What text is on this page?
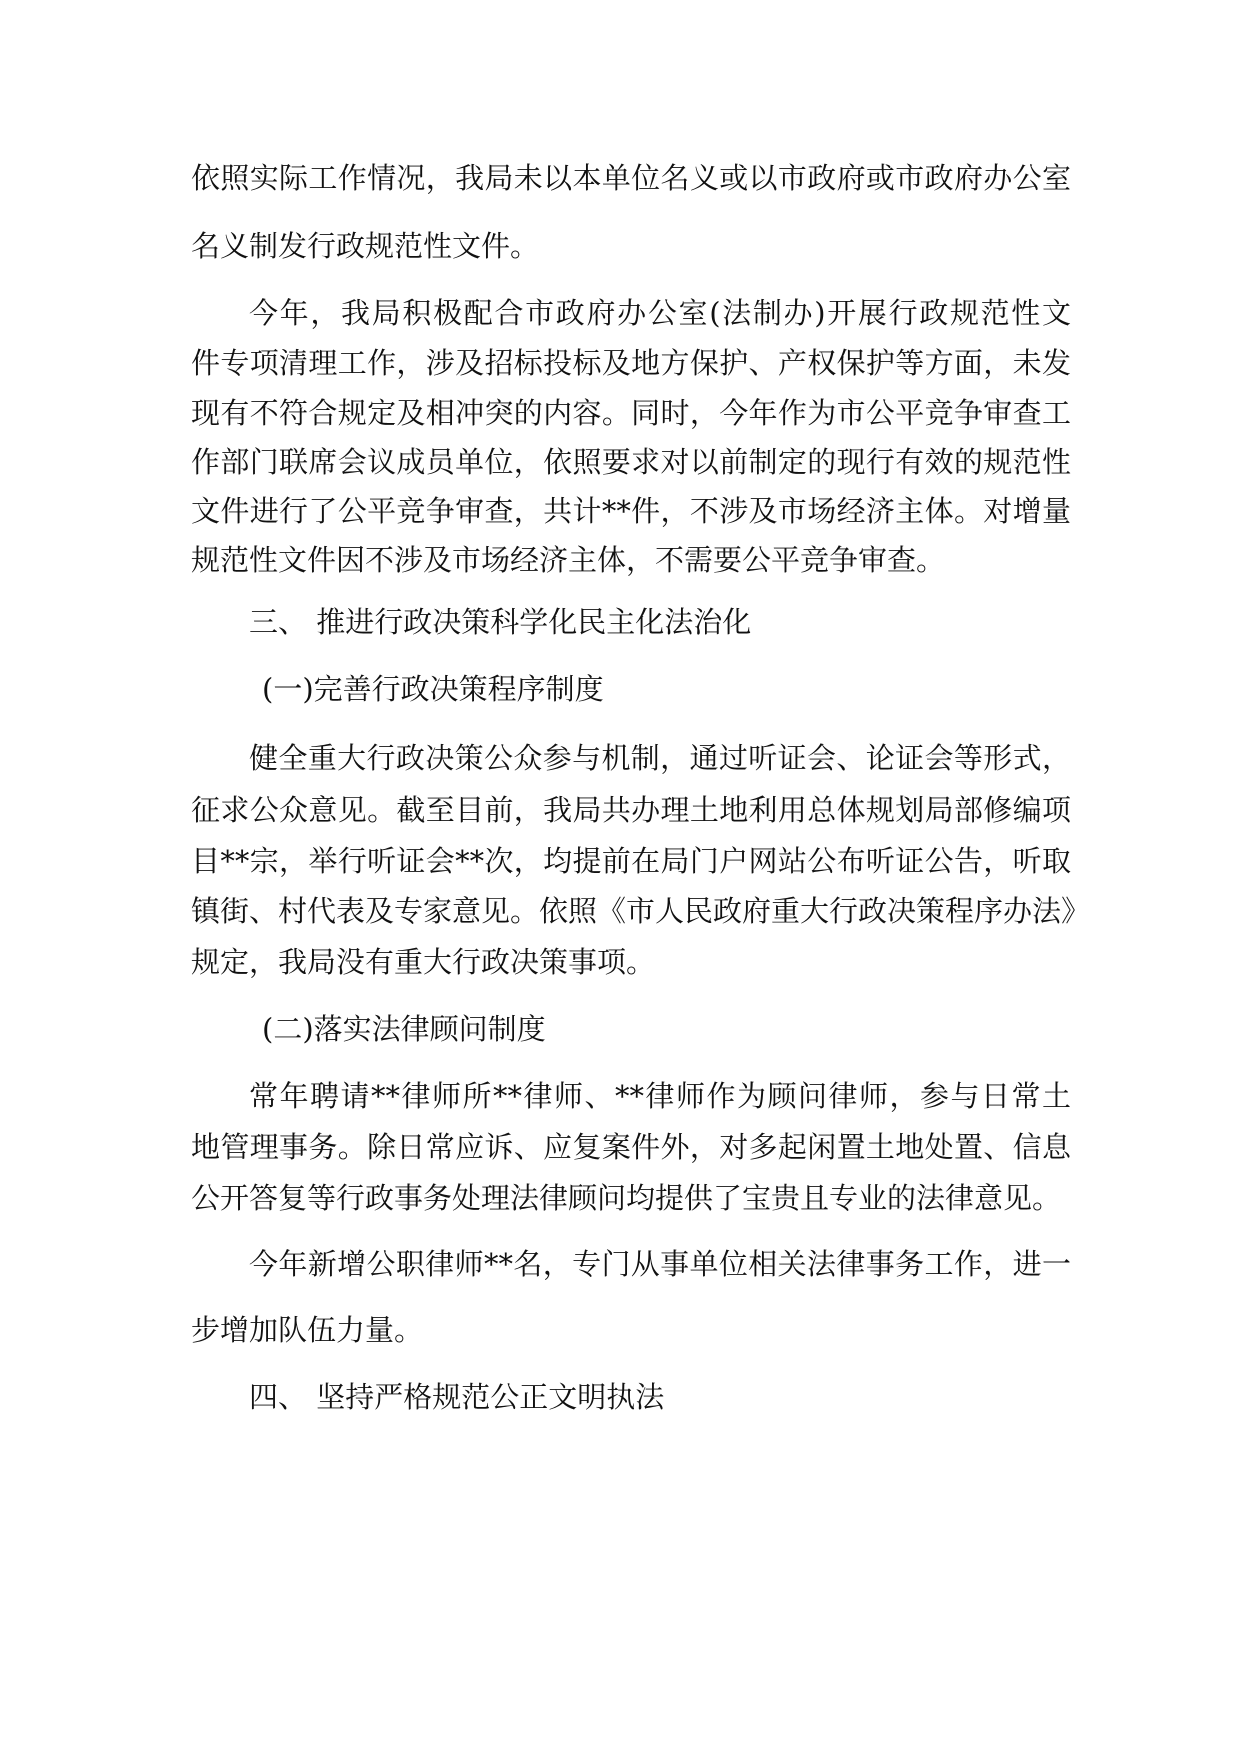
依照实际工作情况，我局未以本单位名义或以市政府或市政府办公室
名义制发行政规范性文件。
今年，我局积极配合市政府办公室(法制办)开展行政规范性文
件专项清理工作，涉及招标投标及地方保护、产权保护等方面，未发
现有不符合规定及相冲突的内容。同时，今年作为市公平竞争审查工
作部门联席会议成员单位，依照要求对以前制定的现行有效的规范性
文件进行了公平竞争审查，共计**件，不涉及市场经济主体。对增量
规范性文件因不涉及市场经济主体，不需要公平竞争审查。
三、 推进行政决策科学化民主化法治化
(一)完善行政决策程序制度
健全重大行政决策公众参与机制，通过听证会、论证会等形式，
征求公众意见。截至目前，我局共办理土地利用总体规划局部修编项
目**宗，举行听证会**次，均提前在局门户网站公布听证公告，听取
镇街、村代表及专家意见。依照《市人民政府重大行政决策程序办法》
规定，我局没有重大行政决策事项。
(二)落实法律顾问制度
常年聘请**律师所**律师、**律师作为顾问律师，参与日常土
地管理事务。除日常应诉、应复案件外，对多起闲置土地处置、信息
公开答复等行政事务处理法律顾问均提供了宝贵且专业的法律意见。
今年新增公职律师**名，专门从事单位相关法律事务工作，进一
步增加队伍力量。
四、 坚持严格规范公正文明执法
